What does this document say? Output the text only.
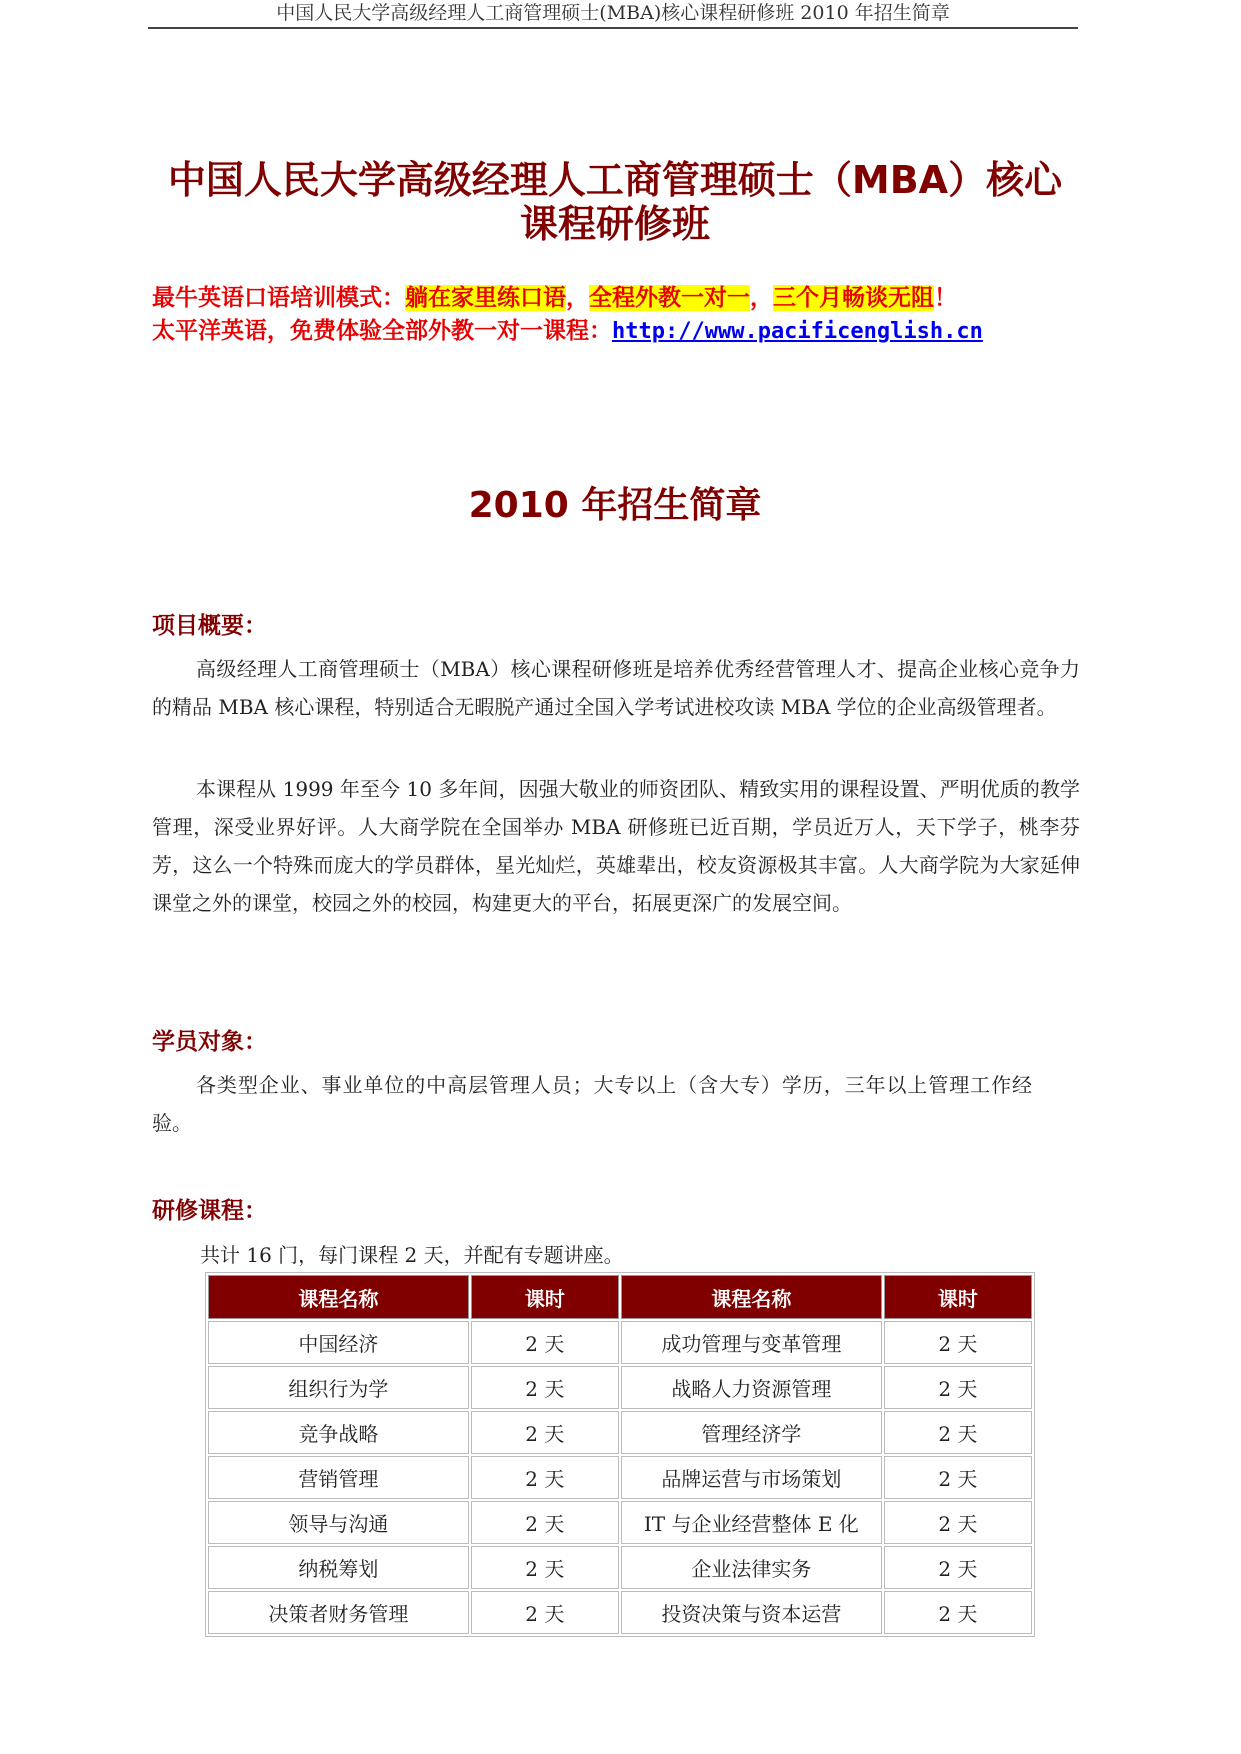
中国人民大学高级经理人工商管理硕士(MBA)核心课程研修班 2010 年招生简章
中国人民大学高级经理人工商管理硕士（MBA）核心课程研修班
最牛英语口语培训模式：躺在家里练口语，全程外教一对一，三个月畅谈无阻！
太平洋英语，免费体验全部外教一对一课程：http://www.pacificenglish.cn
2010 年招生简章
项目概要：

高级经理人工商管理硕士（MBA）核心课程研修班是培养优秀经营管理人才、提高企业核心竞争力的精品 MBA 核心课程，特别适合无暇脱产通过全国入学考试进校攻读 MBA 学位的企业高级管理者。

本课程从 1999 年至今 10 多年间，因强大敬业的师资团队、精致实用的课程设置、严明优质的教学管理，深受业界好评。人大商学院在全国举办 MBA 研修班已近百期，学员近万人，天下学子，桃李芬芳，这么一个特殊而庞大的学员群体，星光灿烂，英雄辈出，校友资源极其丰富。人大商学院为大家延伸课堂之外的课堂，校园之外的校园，构建更大的平台，拓展更深广的发展空间。

学员对象：

各类型企业、事业单位的中高层管理人员；大专以上（含大专）学历，三年以上管理工作经验。

研修课程：
共计 16 门，每门课程 2 天，并配有专题讲座。
课程名称	课时	课程名称	课时
中国经济	2 天	成功管理与变革管理	2 天
组织行为学	2 天	战略人力资源管理	2 天
竞争战略	2 天	管理经济学	2 天
营销管理	2 天	品牌运营与市场策划	2 天
领导与沟通	2 天	IT 与企业经营整体 E 化	2 天
纳税筹划	2 天	企业法律实务	2 天
决策者财务管理	2 天	投资决策与资本运营	2 天
